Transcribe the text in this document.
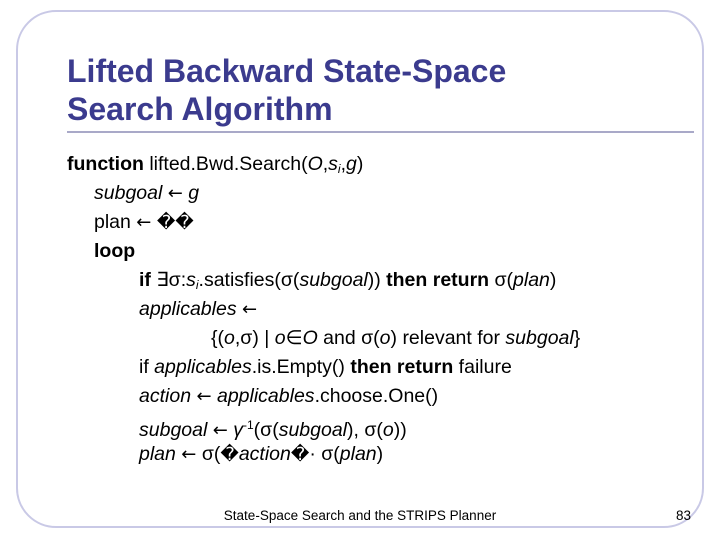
Lifted Backward State-Space
Search Algorithm
function $lifted.Bwd.Search(O,s_i,g)$
subgoal ← g
plan ← ��
loop
if $\exists\sigma:s_i.satisfies(\sigma(subgoal))$ then return σ(plan)
applicables ←
{(o,σ) | o∈O and σ(o) relevant for subgoal}
if applicables.is.Empty() then return failure
action ← applicables.choose.One()
subgoal ← $\gamma^{-1}(\sigma(subgoal)$, σ(o))
plan ← σ(�action�· σ(plan)
State-Space Search and the STRIPS Planner	83
